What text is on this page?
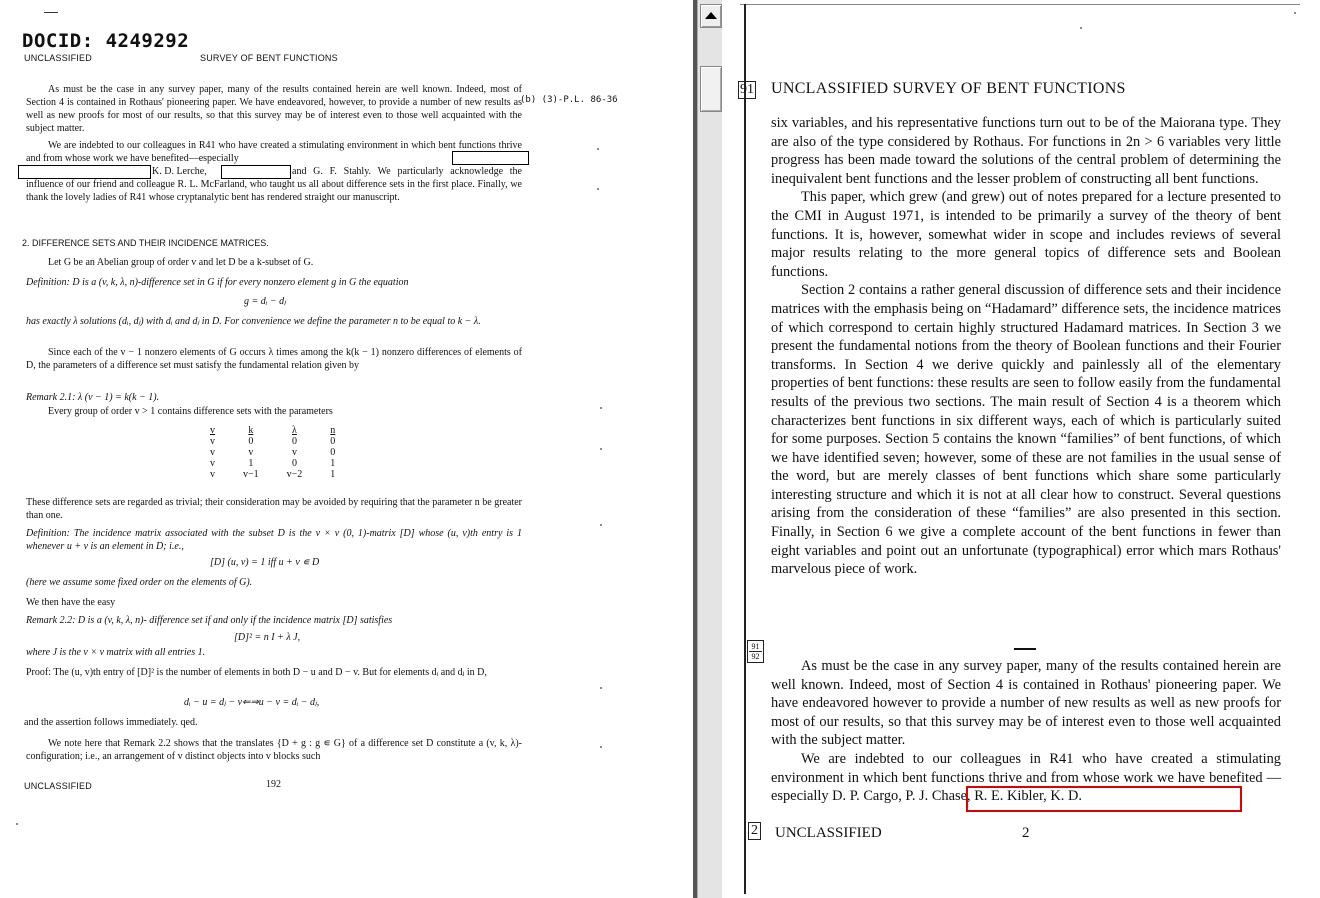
DOCID: 4249292
UNCLASSIFIED	SURVEY OF BENT FUNCTIONS
As must be the case in any survey paper, many of the results contained herein are well known. Indeed, most of Section 4 is contained in Rothaus' pioneering paper. We have endeavored, however, to provide a number of new results as well as new proofs for most of our results, so that this survey may be of interest even to those well acquainted with the subject matter.
(b) (3)-P.L. 86-36
We are indebted to our colleagues in R41 who have created a stimulating environment in which bent functions thrive and from whose work we have benefited—especially
K. D. Lerche,	and G. F. Stahly. We particularly acknowledge the influence of our friend and colleague R. L. McFarland, who taught us all about difference sets in the first place. Finally, we thank the lovely ladies of R41 whose cryptanalytic bent has rendered straight our manuscript.
2. DIFFERENCE SETS AND THEIR INCIDENCE MATRICES.
Let G be an Abelian group of order v and let D be a k-subset of G.
Definition: D is a (v, k, λ, n)-difference set in G if for every nonzero element g in G the equation
g = dᵢ − dⱼ
has exactly λ solutions (dᵢ, dⱼ) with dᵢ and dⱼ in D. For convenience we define the parameter n to be equal to k − λ.
Since each of the v − 1 nonzero elements of G occurs λ times among the k(k − 1) nonzero differences of elements of D, the parameters of a difference set must satisfy the fundamental relation given by
Remark 2.1: λ (v − 1) = k(k − 1).
Every group of order v > 1 contains difference sets with the parameters
v	k	λ	n
v	0	0	0
v	v	v	0
v	1	0	1
v	v−1	v−2	1
These difference sets are regarded as trivial; their consideration may be avoided by requiring that the parameter n be greater than one.
Definition: The incidence matrix associated with the subset D is the v × v (0, 1)-matrix [D] whose (u, v)th entry is 1 whenever u + v is an element in D; i.e.,
[D] (u, v) = 1 iff u + v ∊ D
(here we assume some fixed order on the elements of G).
We then have the easy
Remark 2.2: D is a (v, k, λ, n)- difference set if and only if the incidence matrix [D] satisfies
[D]² = n I + λ J,
where J is the v × v matrix with all entries 1.
Proof: The (u, v)th entry of [D]² is the number of elements in both D − u and D − v. But for elements dᵢ and dⱼ in D,
dᵢ − u = dⱼ − v⇐⇒u − v = dᵢ − dⱼ,
and the assertion follows immediately. qed.
We note here that Remark 2.2 shows that the translates {D + g : g ∊ G} of a difference set D constitute a (v, k, λ)-configuration; i.e., an arrangement of v distinct objects into v blocks such
UNCLASSIFIED	192
91 UNCLASSIFIED SURVEY OF BENT FUNCTIONS

six variables, and his representative functions turn out to be of the Maiorana type. They are also of the type considered by Rothaus. For functions in 2n > 6 variables very little progress has been made toward the solutions of the central problem of determining the inequivalent bent functions and the lesser problem of constructing all bent functions.

This paper, which grew (and grew) out of notes prepared for a lecture presented to the CMI in August 1971, is intended to be primarily a survey of the theory of bent functions. It is, however, somewhat wider in scope and includes reviews of several major results relating to the more general topics of difference sets and Boolean functions.

Section 2 contains a rather general discussion of difference sets and their incidence matrices with the emphasis being on “Hadamard” difference sets, the incidence matrices of which correspond to certain highly structured Hadamard matrices. In Section 3 we present the fundamental notions from the theory of Boolean functions and their Fourier transforms. In Section 4 we derive quickly and painlessly all of the elementary properties of bent functions: these results are seen to follow easily from the fundamental results of the previous two sections. The main result of Section 4 is a theorem which characterizes bent functions in six different ways, each of which is particularly suited for some purposes. Section 5 contains the known “families” of bent functions, of which we have identified seven; however, some of these are not families in the usual sense of the word, but are merely classes of bent functions which share some particularly interesting structure and which it is not at all clear how to construct. Several questions arising from the consideration of these “families” are also presented in this section. Finally, in Section 6 we give a complete account of the bent functions in fewer than eight variables and point out an unfortunate (typographical) error which mars Rothaus' marvelous piece of work.

91
92

As must be the case in any survey paper, many of the results contained herein are well known. Indeed, most of Section 4 is contained in Rothaus' pioneering paper. We have endeavored however to provide a number of new results as well as new proofs for most of our results, so that this survey may be of interest even to those well acquainted with the subject matter.

We are indebted to our colleagues in R41 who have created a stimulating environment in which bent functions thrive and from whose work we have benefited — especially D. P. Cargo, P. J. Chase, R. E. Kibler, K. D.

2 UNCLASSIFIED	2
